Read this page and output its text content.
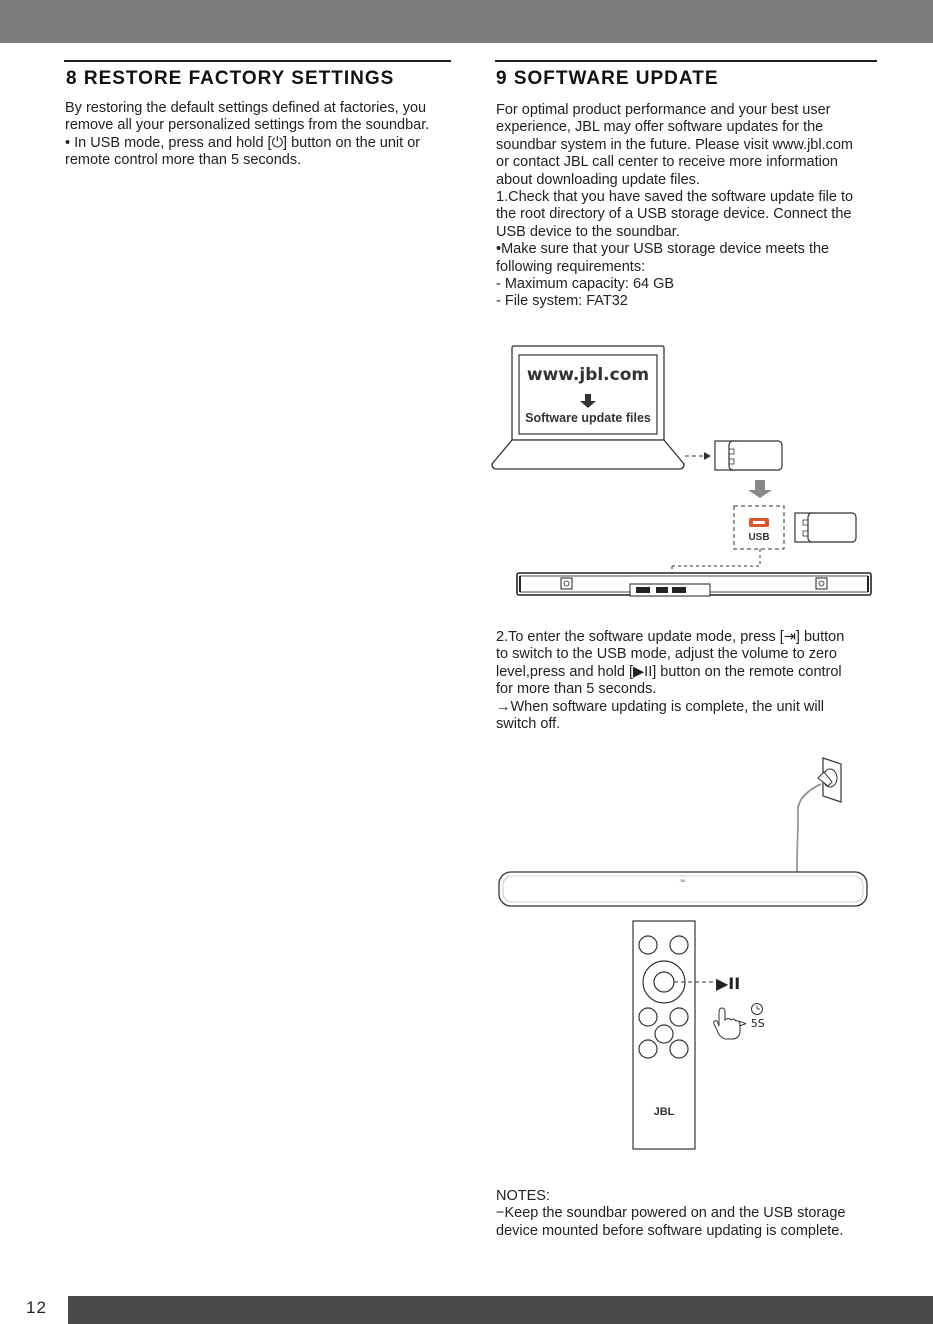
12
8 RESTORE FACTORY SETTINGS
By restoring the default settings defined at factories, you
remove all your personalized settings from the soundbar.
• In USB mode, press and hold [⏻] button on the unit or
remote control more than 5 seconds.
9 SOFTWARE UPDATE
For optimal product performance and your best user
experience, JBL may offer software updates for the
soundbar system in the future. Please visit www.jbl.com
or contact JBL call center to receive more information
about downloading update files.
1.Check that you have saved the software update file to
the root directory of a USB storage device. Connect the
USB device to the soundbar.
•Make sure that your USB storage device meets the
following requirements:
- Maximum capacity: 64 GB
- File system: FAT32
www.jbl.com
Software update files
USB
2.To enter the software update mode, press [⇥] button
to switch to the USB mode, adjust the volume to zero
level,press and hold [▶II] button on the remote control
for more than 5 seconds.
→When software updating is complete, the unit will
switch off.
JBL
JBL
▶II
> 5S
NOTES:
−Keep the soundbar powered on and the USB storage
device mounted before software updating is complete.
